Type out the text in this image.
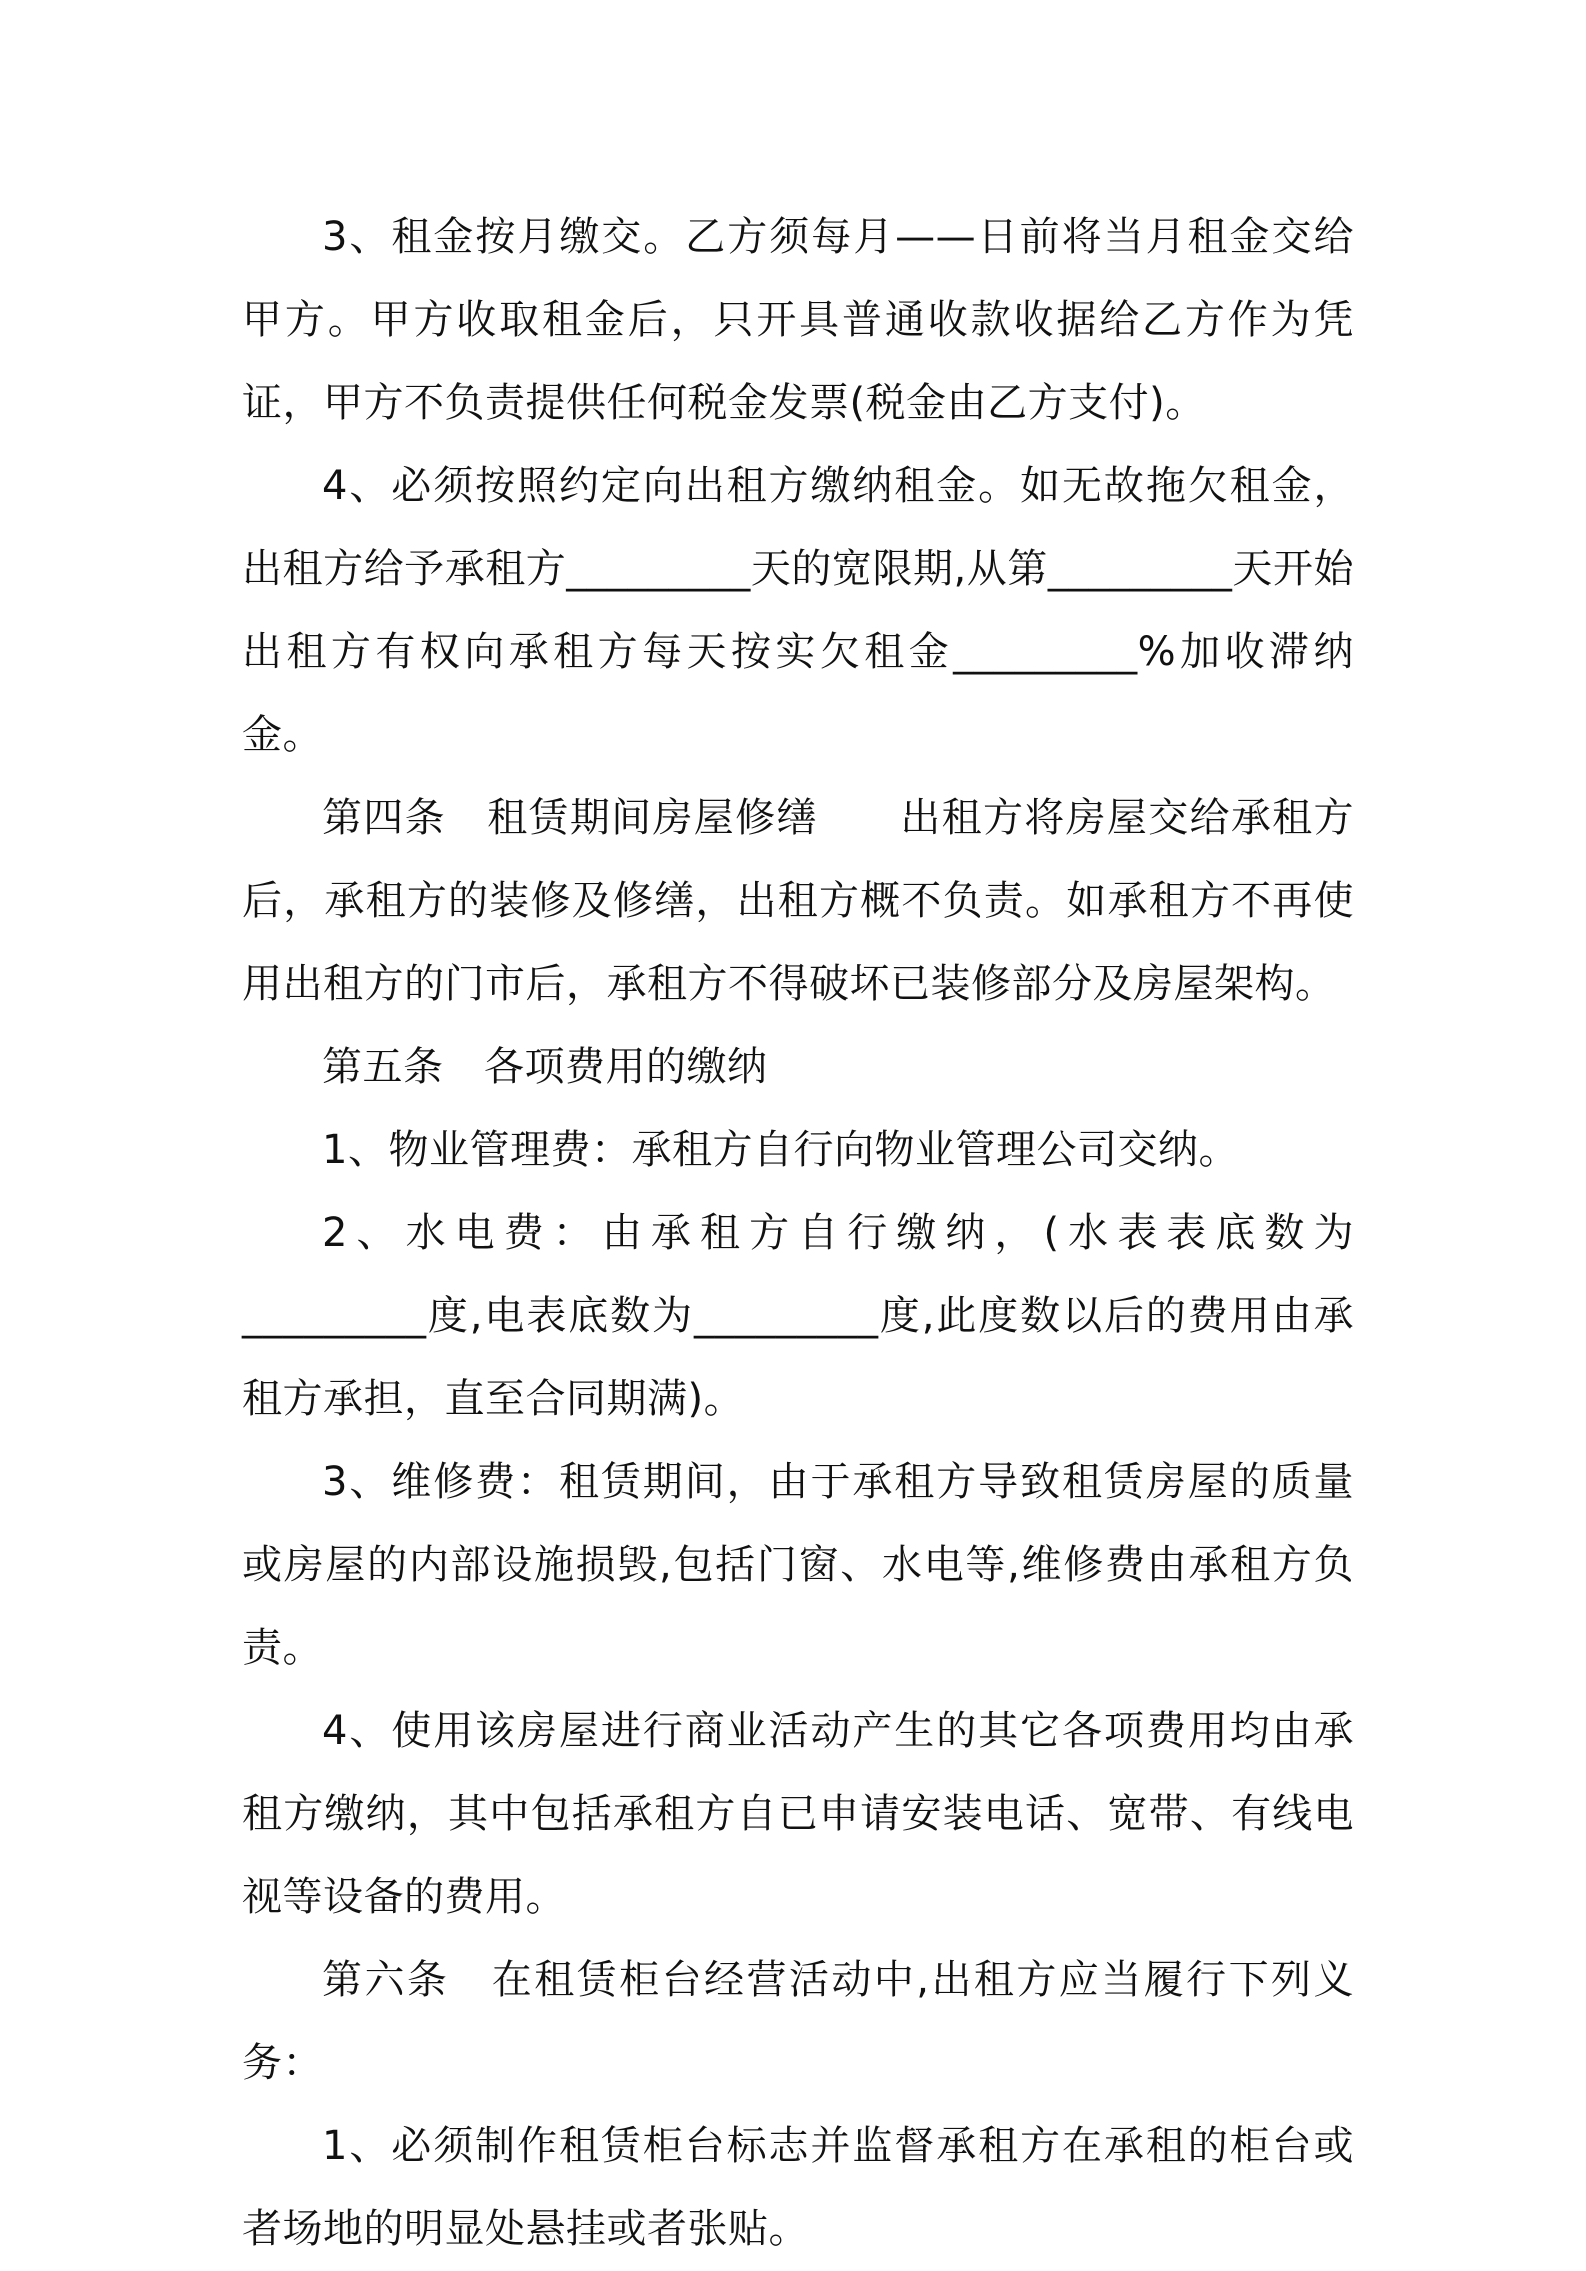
3、租金按月缴交。乙方须每月——日前将当月租金交给甲方。甲方收取租金后，只开具普通收款收据给乙方作为凭证，甲方不负责提供任何税金发票(税金由乙方支付)。

4、必须按照约定向出租方缴纳租金。如无故拖欠租金，出租方给予承租方_________天的宽限期,从第_________天开始出租方有权向承租方每天按实欠租金_________%加收滞纳金。

第四条　租赁期间房屋修缮　　出租方将房屋交给承租方后，承租方的装修及修缮，出租方概不负责。如承租方不再使用出租方的门市后，承租方不得破坏已装修部分及房屋架构。

第五条　各项费用的缴纳

1、物业管理费：承租方自行向物业管理公司交纳。

2、水电费：由承租方自行缴纳，(水表表底数为_________度,电表底数为_________度,此度数以后的费用由承租方承担，直至合同期满)。

3、维修费：租赁期间，由于承租方导致租赁房屋的质量或房屋的内部设施损毁,包括门窗、水电等,维修费由承租方负责。

4、使用该房屋进行商业活动产生的其它各项费用均由承租方缴纳，其中包括承租方自已申请安装电话、宽带、有线电视等设备的费用。

第六条　在租赁柜台经营活动中,出租方应当履行下列义务：

1、必须制作租赁柜台标志并监督承租方在承租的柜台或者场地的明显处悬挂或者张贴。
